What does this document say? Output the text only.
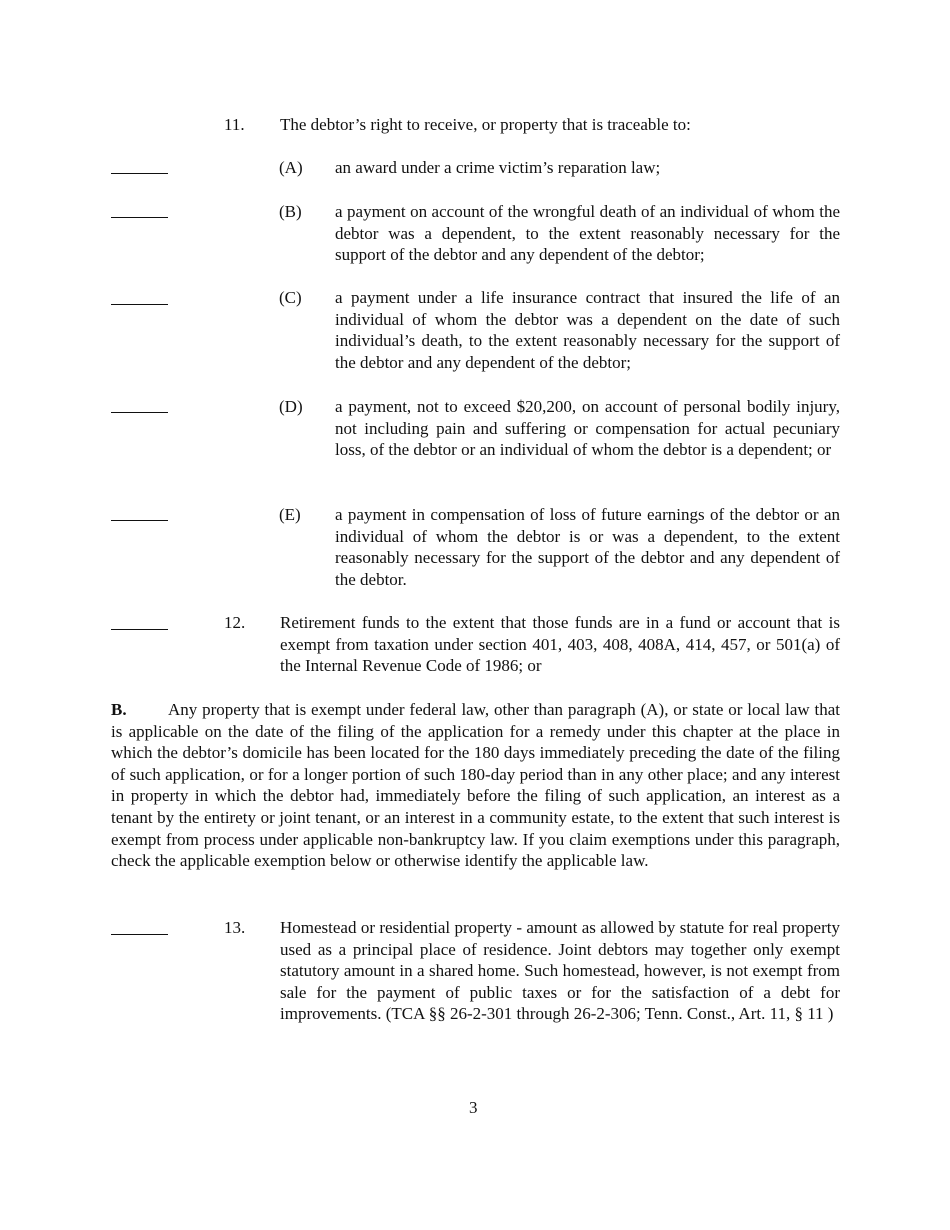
11. The debtor’s right to receive, or property that is traceable to:
(A) an award under a crime victim’s reparation law;
(B) a payment on account of the wrongful death of an individual of whom the debtor was a dependent, to the extent reasonably necessary for the support of the debtor and any dependent of the debtor;
(C) a payment under a life insurance contract that insured the life of an individual of whom the debtor was a dependent on the date of such individual’s death, to the extent reasonably necessary for the support of the debtor and any dependent of the debtor;
(D) a payment, not to exceed $20,200, on account of personal bodily injury, not including pain and suffering or compensation for actual pecuniary loss, of the debtor or an individual of whom the debtor is a dependent; or
(E) a payment in compensation of loss of future earnings of the debtor or an individual of whom the debtor is or was a dependent, to the extent reasonably necessary for the support of the debtor and any dependent of the debtor.
12. Retirement funds to the extent that those funds are in a fund or account that is exempt from taxation under section 401, 403, 408, 408A, 414, 457, or 501(a) of the Internal Revenue Code of 1986; or
B. Any property that is exempt under federal law, other than paragraph (A), or state or local law that is applicable on the date of the filing of the application for a remedy under this chapter at the place in which the debtor’s domicile has been located for the 180 days immediately preceding the date of the filing of such application, or for a longer portion of such 180-day period than in any other place; and any interest in property in which the debtor had, immediately before the filing of such application, an interest as a tenant by the entirety or joint tenant, or an interest in a community estate, to the extent that such interest is exempt from process under applicable non-bankruptcy law. If you claim exemptions under this paragraph, check the applicable exemption below or otherwise identify the applicable law.
13. Homestead or residential property - amount as allowed by statute for real property used as a principal place of residence. Joint debtors may together only exempt statutory amount in a shared home. Such homestead, however, is not exempt from sale for the payment of public taxes or for the satisfaction of a debt for improvements. (TCA §§ 26-2-301 through 26-2-306; Tenn. Const., Art. 11, § 11 )
3
